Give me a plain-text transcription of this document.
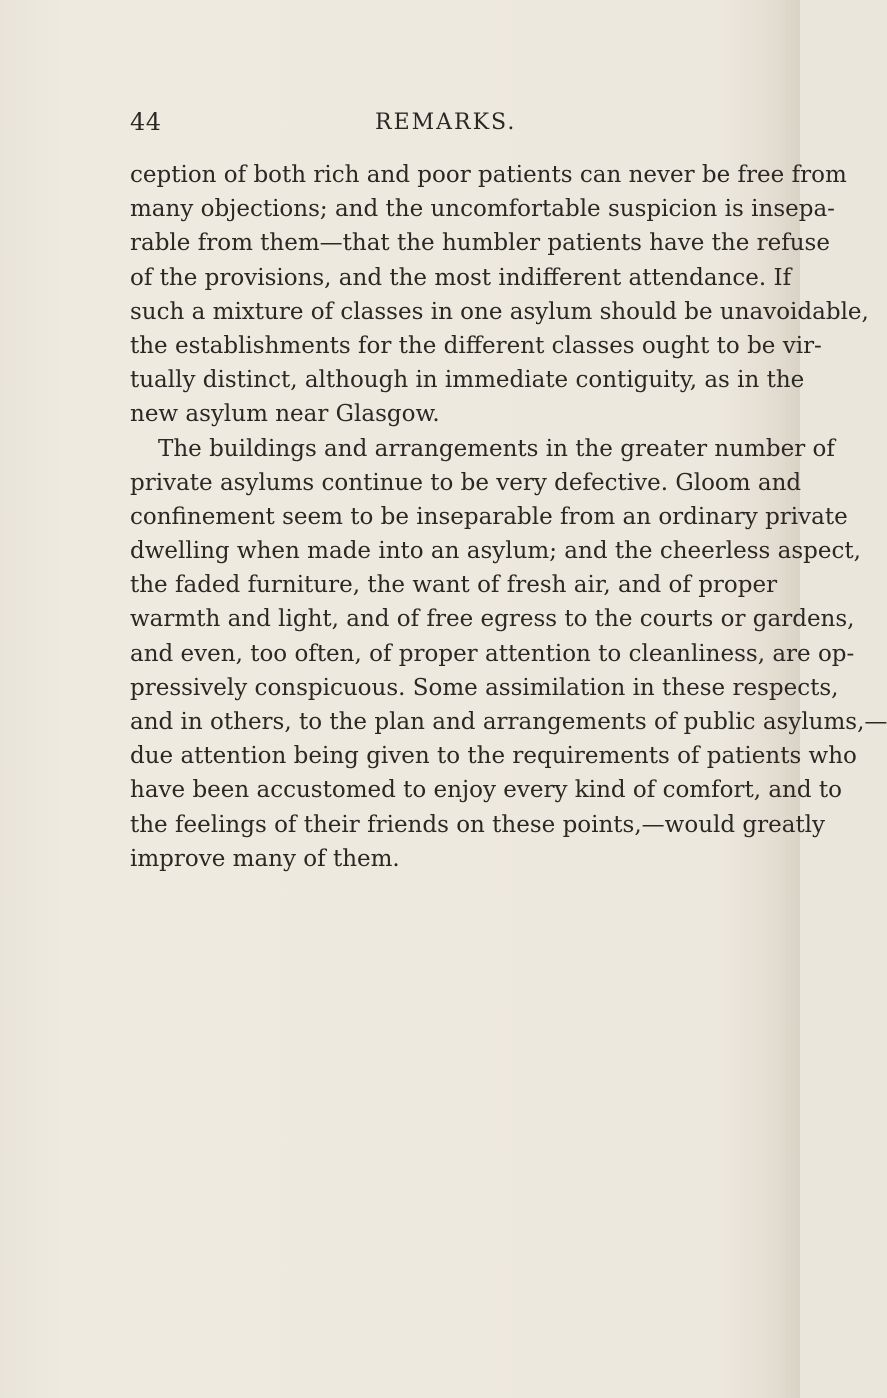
44	REMARKS.
ception of both rich and poor patients can never be free from
many objections; and the uncomfortable suspicion is insepa-
rable from them—that the humbler patients have the refuse
of the provisions, and the most indifferent attendance. If
such a mixture of classes in one asylum should be unavoidable,
the establishments for the different classes ought to be vir-
tually distinct, although in immediate contiguity, as in the
new asylum near Glasgow.
The buildings and arrangements in the greater number of
private asylums continue to be very defective. Gloom and
confinement seem to be inseparable from an ordinary private
dwelling when made into an asylum; and the cheerless aspect,
the faded furniture, the want of fresh air, and of proper
warmth and light, and of free egress to the courts or gardens,
and even, too often, of proper attention to cleanliness, are op-
pressively conspicuous. Some assimilation in these respects,
and in others, to the plan and arrangements of public asylums,—
due attention being given to the requirements of patients who
have been accustomed to enjoy every kind of comfort, and to
the feelings of their friends on these points,—would greatly
improve many of them.
